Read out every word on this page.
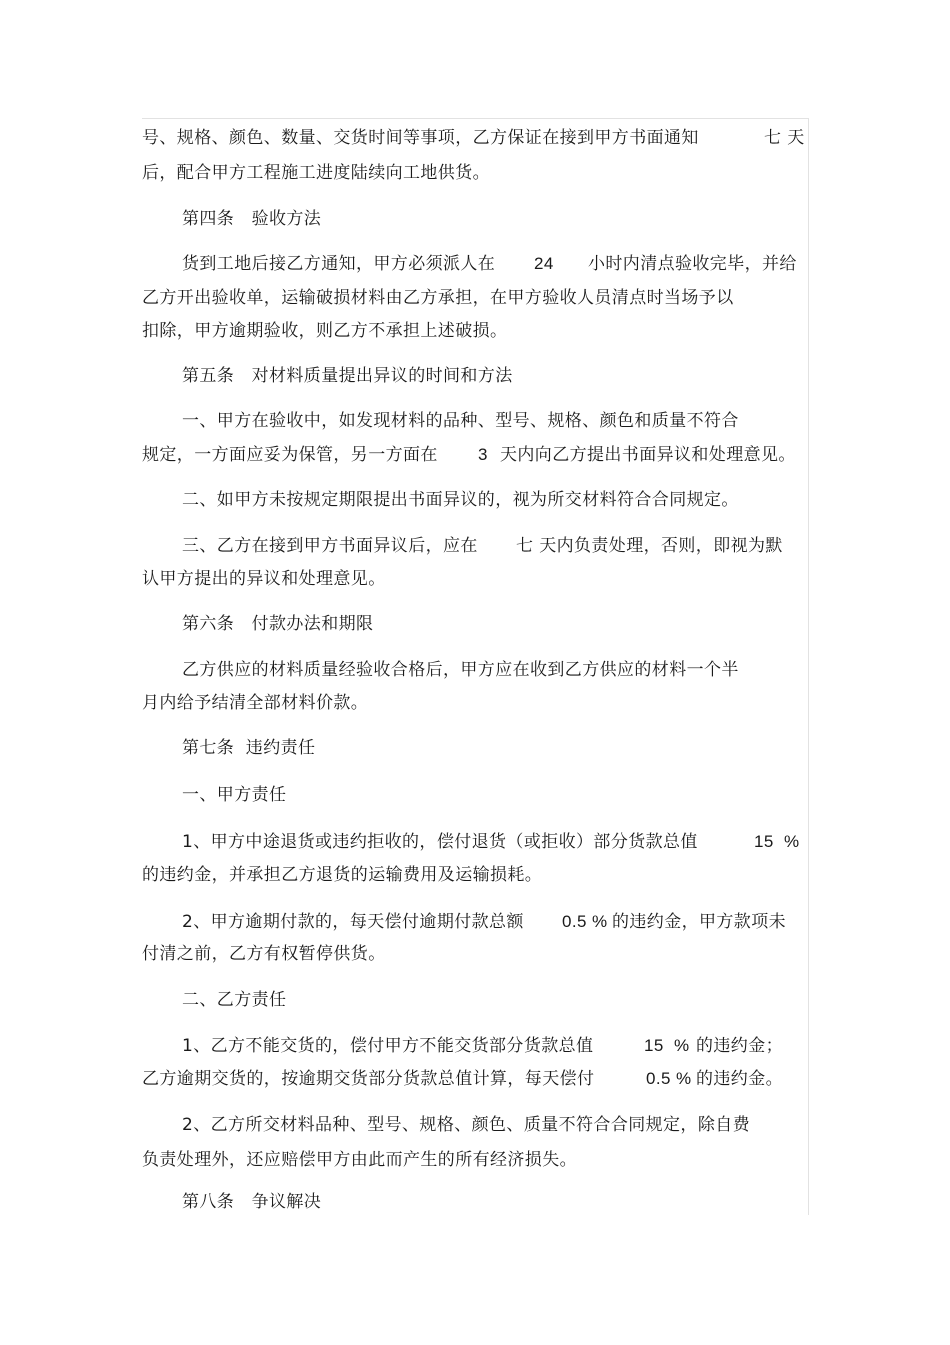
号、规格、颜色、数量、交货时间等事项，乙方保证在接到甲方书面通知	七 天
后，配合甲方工程施工进度陆续向工地供货。
第四条   验收方法
货到工地后接乙方通知，甲方必须派人在 24 小时内清点验收完毕，并给
乙方开出验收单，运输破损材料由乙方承担，在甲方验收人员清点时当场予以
扣除，甲方逾期验收，则乙方不承担上述破损。
第五条   对材料质量提出异议的时间和方法
一、甲方在验收中，如发现材料的品种、型号、规格、颜色和质量不符合
规定，一方面应妥为保管，另一方面在 3 天内向乙方提出书面异议和处理意见。
二、如甲方未按规定期限提出书面异议的，视为所交材料符合合同规定。
三、乙方在接到甲方书面异议后，应在 七 天内负责处理，否则，即视为默
认甲方提出的异议和处理意见。
第六条   付款办法和期限
乙方供应的材料质量经验收合格后，甲方应在收到乙方供应的材料一个半
月内给予结清全部材料价款。
第七条  违约责任
一、甲方责任
1、甲方中途退货或违约拒收的，偿付退货（或拒收）部分货款总值	15  %
的违约金，并承担乙方退货的运输费用及运输损耗。
2、甲方逾期付款的，每天偿付逾期付款总额 0.5 % 的违约金，甲方款项未
付清之前，乙方有权暂停供货。
二、乙方责任
1、乙方不能交货的，偿付甲方不能交货部分货款总值	15  % 的违约金；
乙方逾期交货的，按逾期交货部分货款总值计算，每天偿付	0.5 % 的违约金。
2、乙方所交材料品种、型号、规格、颜色、质量不符合合同规定，除自费
负责处理外，还应赔偿甲方由此而产生的所有经济损失。
第八条   争议解决
